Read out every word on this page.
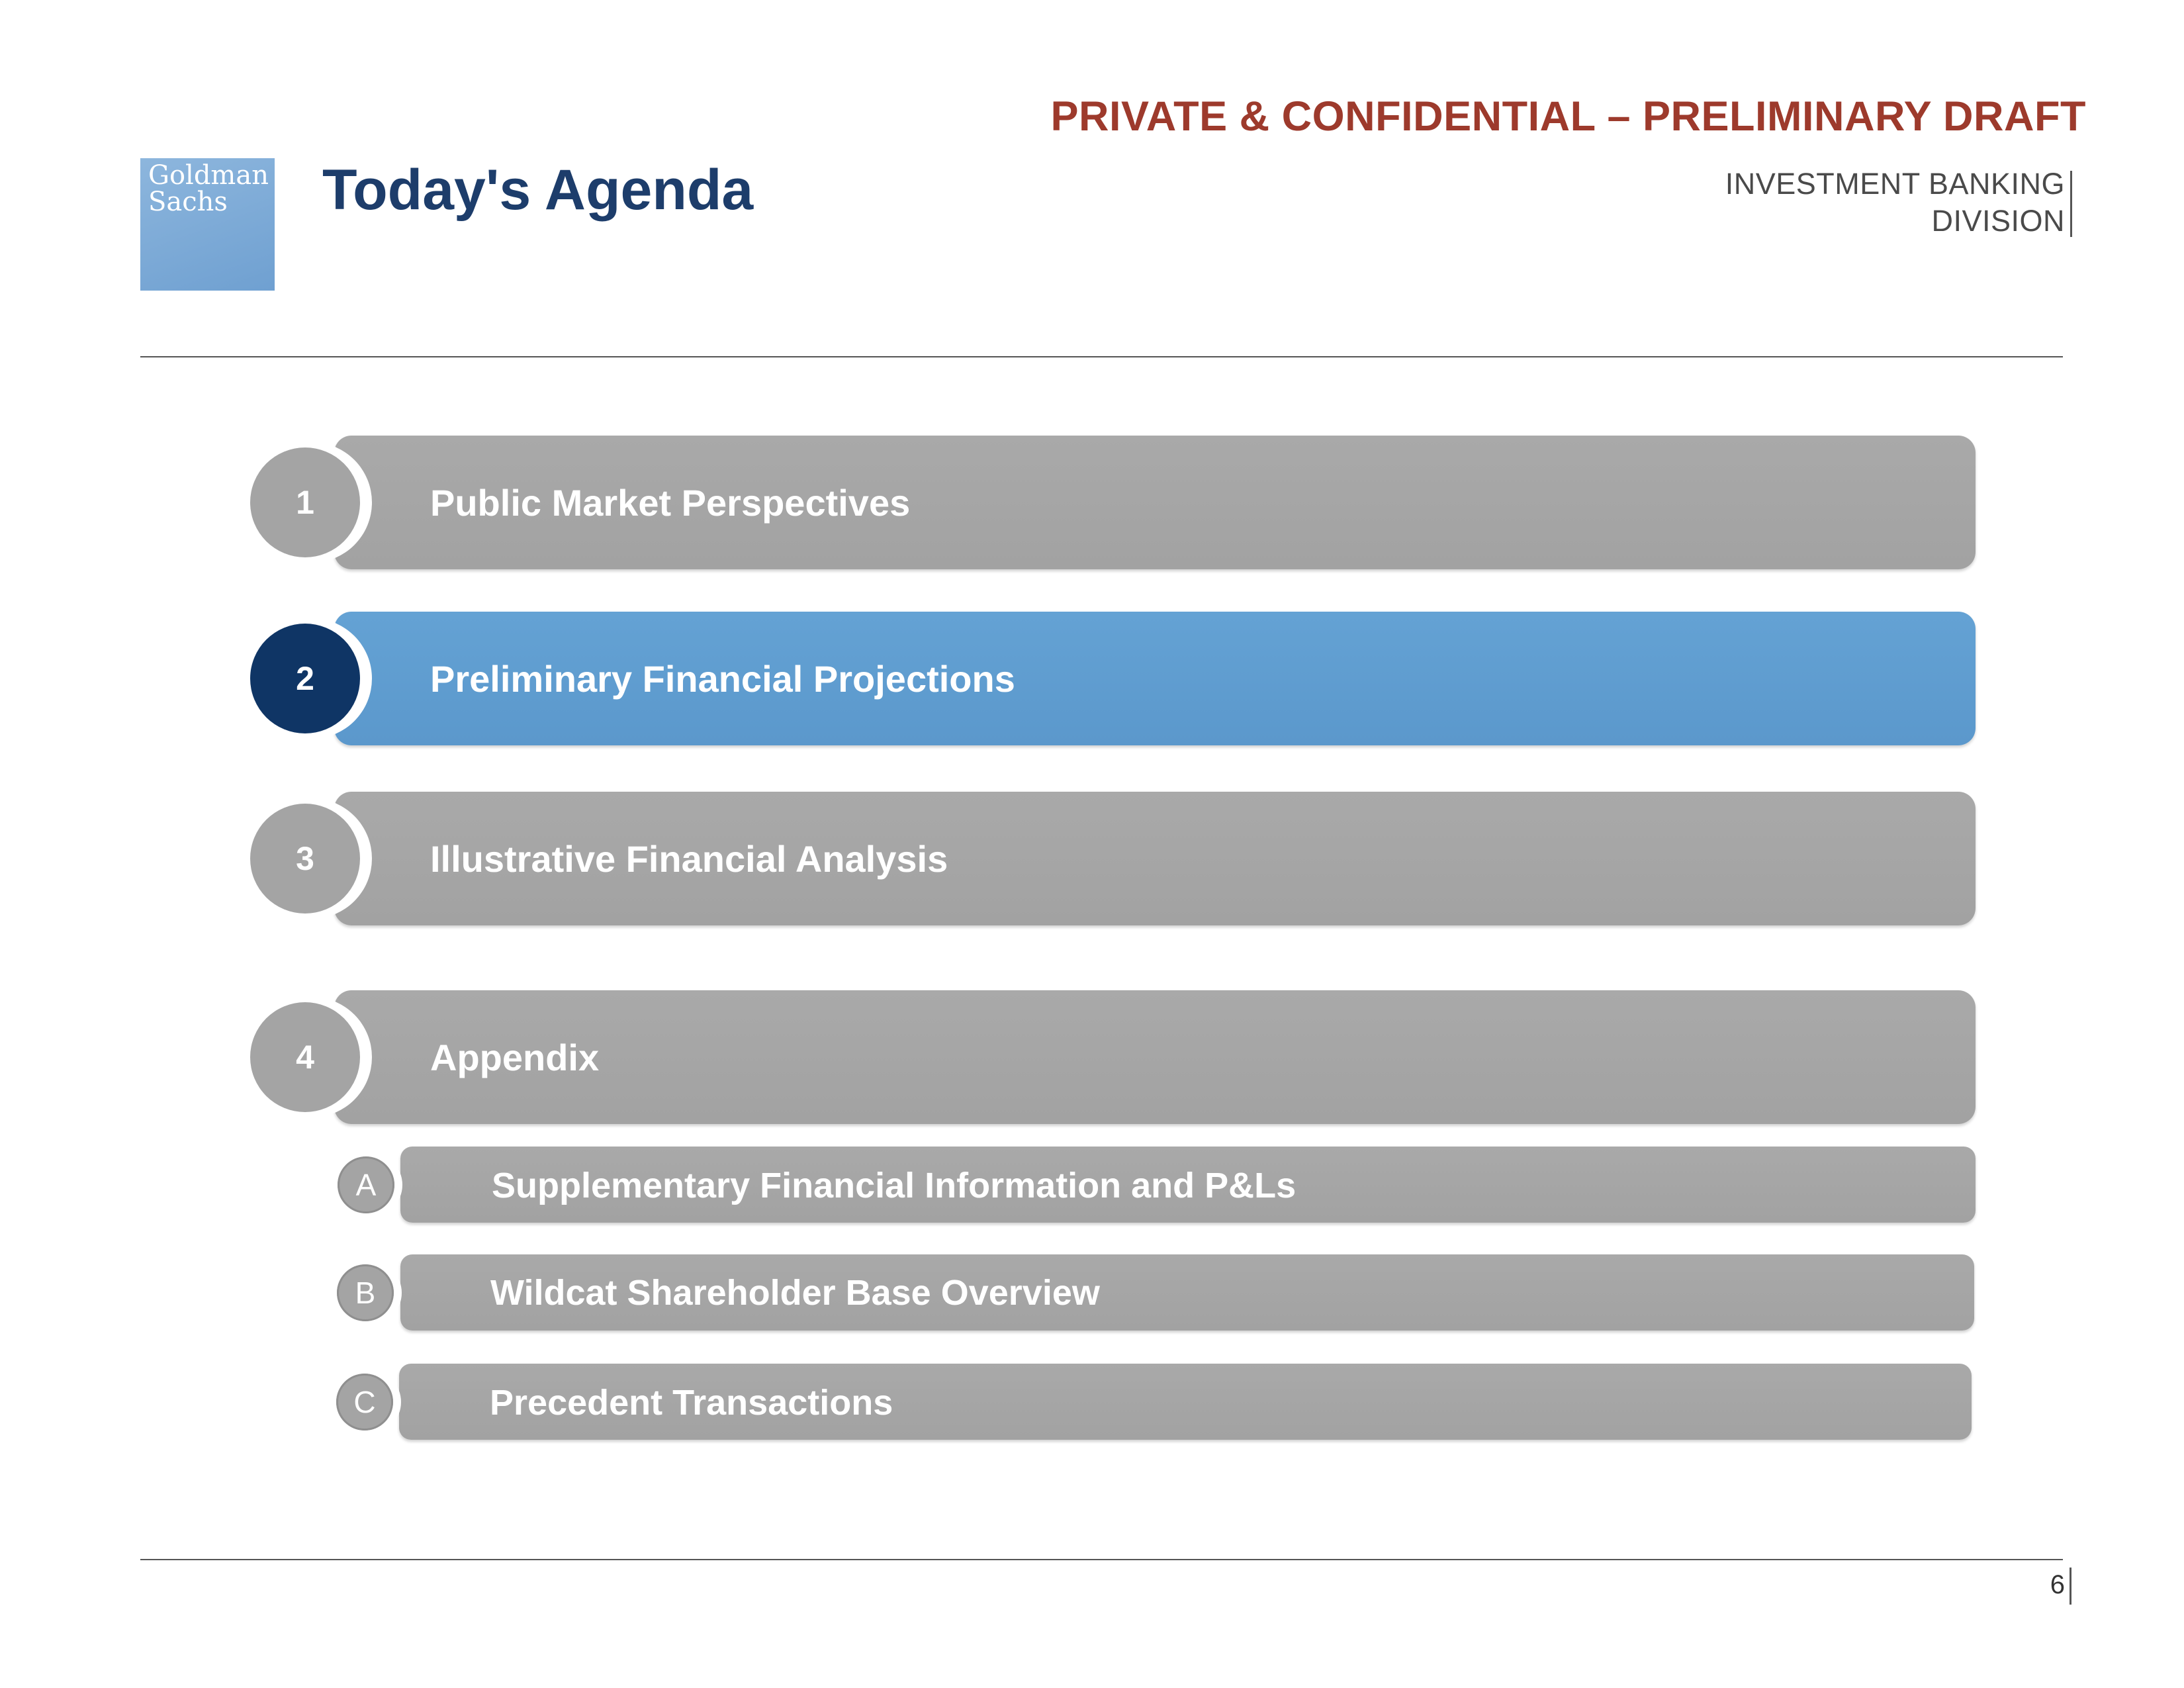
PRIVATE & CONFIDENTIAL – PRELIMINARY DRAFT
Goldman
Sachs	Today's Agenda	INVESTMENT BANKING
DIVISION
1	Public Market Perspectives
2	Preliminary Financial Projections
3	Illustrative Financial Analysis
4	Appendix
A	Supplementary Financial Information and P&Ls
B	Wildcat Shareholder Base Overview
C	Precedent Transactions
6
